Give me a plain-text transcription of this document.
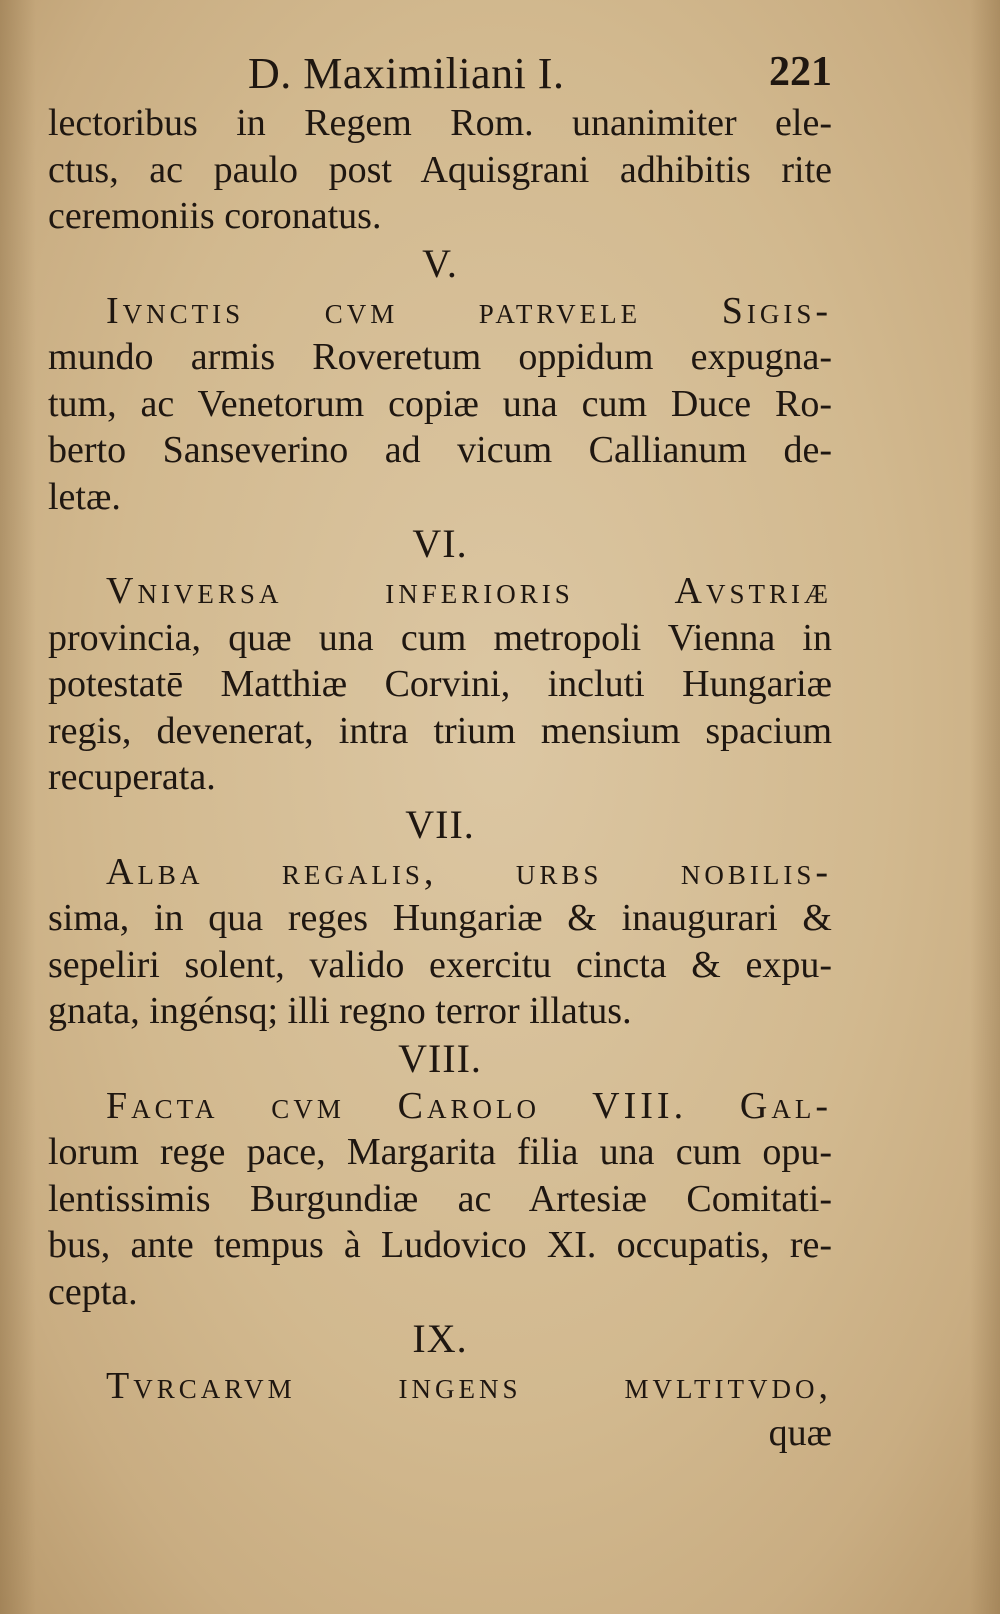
D. Maximiliani I.	221
lectoribus in Regem Rom. unanimiter ele-
ctus, ac paulo post Aquisgrani adhibitis rite
ceremoniis coronatus.
V.
Ivnctis cvm patrvele Sigis-
mundo armis Roveretum oppidum expugna-
tum, ac Venetorum copiæ una cum Duce Ro-
berto Sanseverino ad vicum Callianum de-
letæ.
VI.
Vniversa inferioris Avstriæ
provincia, quæ una cum metropoli Vienna in
potestatē Matthiæ Corvini, incluti Hungariæ
regis, devenerat, intra trium mensium spacium
recuperata.
VII.
Alba regalis, urbs nobilis-
sima, in qua reges Hungariæ & inaugurari &
sepeliri solent, valido exercitu cincta & expu-
gnata, ingénsq; illi regno terror illatus.
VIII.
Facta cvm Carolo VIII. Gal-
lorum rege pace, Margarita filia una cum opu-
lentissimis Burgundiæ ac Artesiæ Comitati-
bus, ante tempus à Ludovico XI. occupatis, re-
cepta.
IX.
Tvrcarvm ingens mvltitvdo,
quæ
